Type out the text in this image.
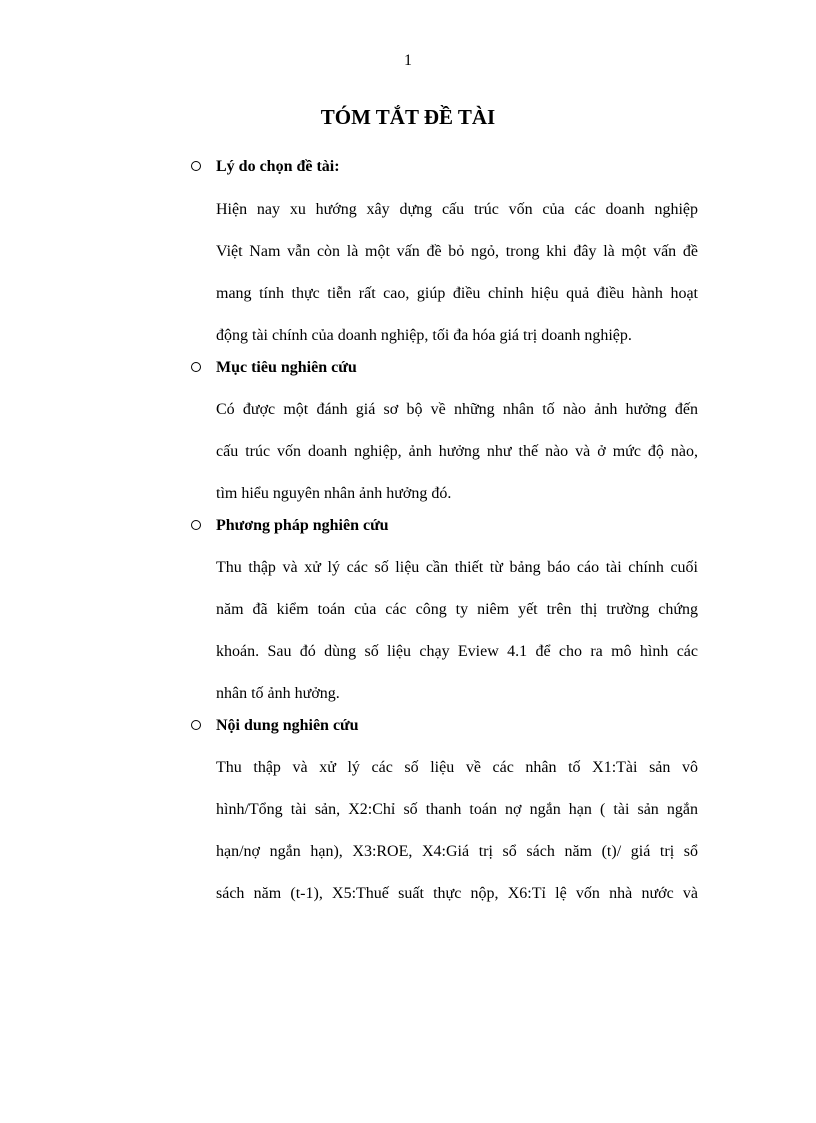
1
TÓM TẮT ĐỀ TÀI
Lý do chọn đề tài:
Hiện nay xu hướng xây dựng cấu trúc vốn của các doanh nghiệp
Việt Nam vẫn còn là một vấn đề bỏ ngỏ, trong khi đây là một vấn đề
mang tính thực tiễn rất cao, giúp điều chỉnh hiệu quả điều hành hoạt
động tài chính của doanh nghiệp, tối đa hóa giá trị doanh nghiệp.
Mục tiêu nghiên cứu
Có được một đánh giá sơ bộ về những nhân tố nào ảnh hưởng đến
cấu trúc vốn doanh nghiệp, ảnh hưởng như thế nào và ở mức độ nào,
tìm hiểu nguyên nhân ảnh hưởng đó.
Phương pháp nghiên cứu
Thu thập và xử lý các số liệu cần thiết từ bảng báo cáo tài chính cuối
năm đã kiểm toán của các công ty niêm yết trên thị trường chứng
khoán. Sau đó dùng số liệu chạy Eview 4.1 để cho ra mô hình các
nhân tố ảnh hưởng.
Nội dung nghiên cứu
Thu thập và xử lý các số liệu về các nhân tố X1:Tài sản vô
hình/Tổng tài sản, X2:Chỉ số thanh toán nợ ngắn hạn ( tài sản ngắn
hạn/nợ ngắn hạn), X3:ROE, X4:Giá trị sổ sách năm (t)/ giá trị sổ
sách năm (t-1), X5:Thuế suất thực nộp, X6:Tỉ lệ vốn nhà nước và
